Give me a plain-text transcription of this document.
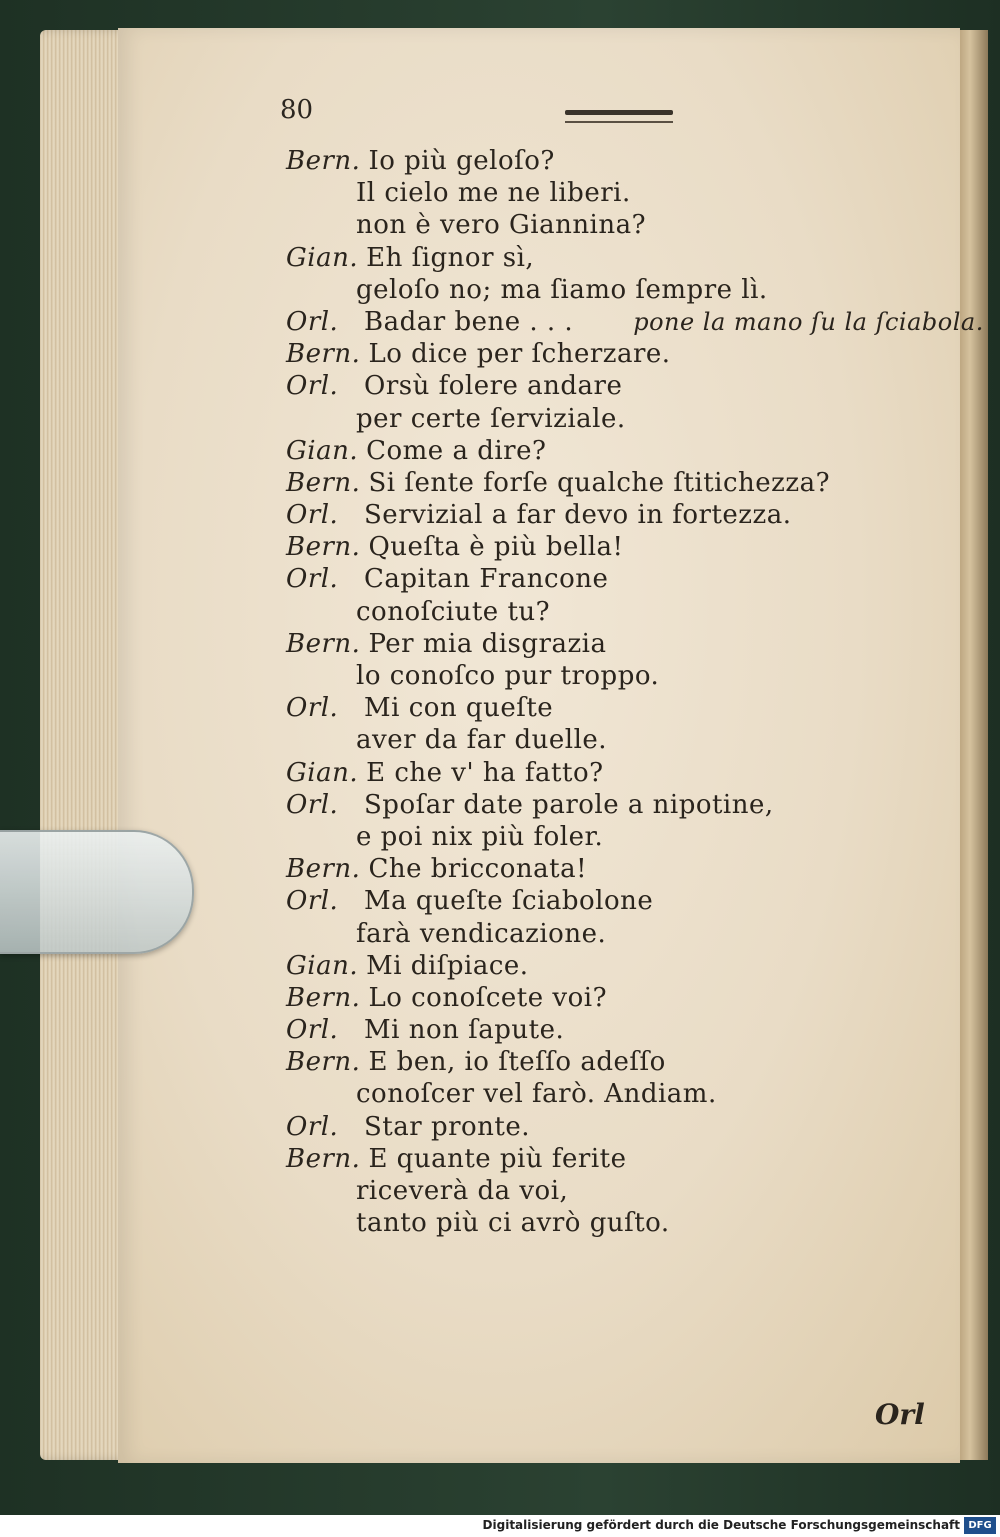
80
Bern. Io più geloſo?
Il cielo me ne liberi.
non è vero Giannina?
Gian. Eh ſignor sì,
geloſo no; ma ſiamo ſempre lì.
Orl. Badar bene . . .	pone la mano ſu la ſciabola.
Bern. Lo dice per ſcherzare.
Orl. Orsù folere andare
per certe ſerviziale.
Gian. Come a dire?
Bern. Si ſente forſe qualche ſtitichezza?
Orl. Servizial a far devo in fortezza.
Bern. Queſta è più bella!
Orl. Capitan Francone
conoſciute tu?
Bern. Per mia disgrazia
lo conoſco pur troppo.
Orl. Mi con queſte
aver da far duelle.
Gian. E che v' ha fatto?
Orl. Spoſar date parole a nipotine,
e poi nix più foler.
Bern. Che bricconata!
Orl. Ma queſte ſciabolone
farà vendicazione.
Gian. Mi diſpiace.
Bern. Lo conoſcete voi?
Orl. Mi non ſapute.
Bern. E ben, io ſteſſo adeſſo
conoſcer vel farò. Andiam.
Orl. Star pronte.
Bern. E quante più ferite
riceverà da voi,
tanto più ci avrò guſto.
Orl
Digitalisierung gefördert durch die Deutsche Forschungsgemeinschaft DFG
